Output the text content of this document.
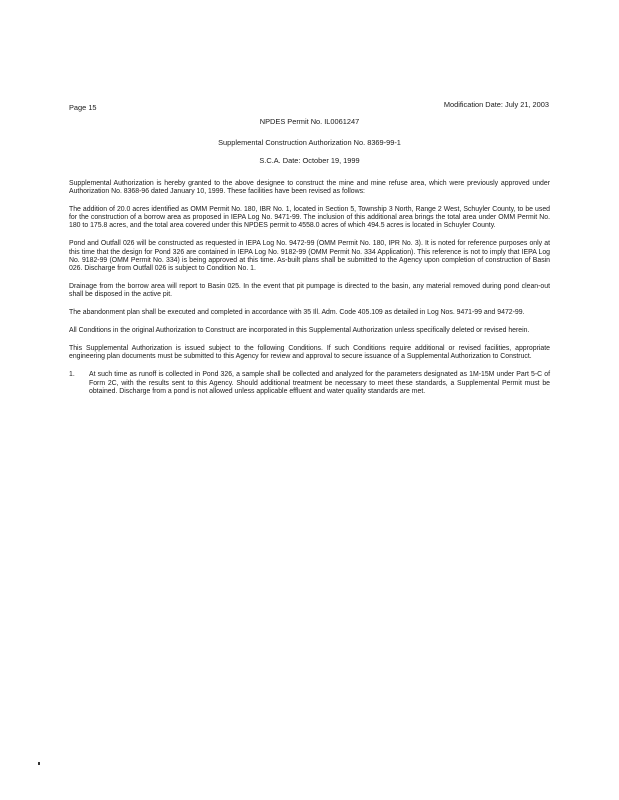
Page 15	Modification Date: July 21, 2003
NPDES Permit No. IL0061247
Supplemental Construction Authorization No. 8369-99-1
S.C.A. Date: October 19, 1999

Supplemental Authorization is hereby granted to the above designee to construct the mine and mine refuse area, which were previously approved under Authorization No. 8368-96 dated January 10, 1999. These facilities have been revised as follows:

The addition of 20.0 acres identified as OMM Permit No. 180, IBR No. 1, located in Section 5, Township 3 North, Range 2 West, Schuyler County, to be used for the construction of a borrow area as proposed in IEPA Log No. 9471-99. The inclusion of this additional area brings the total area under OMM Permit No. 180 to 175.8 acres, and the total area covered under this NPDES permit to 4558.0 acres of which 494.5 acres is located in Schuyler County.

Pond and Outfall 026 will be constructed as requested in IEPA Log No. 9472-99 (OMM Permit No. 180, IPR No. 3). It is noted for reference purposes only at this time that the design for Pond 326 are contained in IEPA Log No. 9182-99 (OMM Permit No. 334 Application). This reference is not to imply that IEPA Log No. 9182-99 (OMM Permit No. 334) is being approved at this time. As-built plans shall be submitted to the Agency upon completion of construction of Basin 026. Discharge from Outfall 026 is subject to Condition No. 1.

Drainage from the borrow area will report to Basin 025. In the event that pit pumpage is directed to the basin, any material removed during pond clean-out shall be disposed in the active pit.

The abandonment plan shall be executed and completed in accordance with 35 Ill. Adm. Code 405.109 as detailed in Log Nos. 9471-99 and 9472-99.

All Conditions in the original Authorization to Construct are incorporated in this Supplemental Authorization unless specifically deleted or revised herein.

This Supplemental Authorization is issued subject to the following Conditions. If such Conditions require additional or revised facilities, appropriate engineering plan documents must be submitted to this Agency for review and approval to secure issuance of a Supplemental Authorization to Construct.

1.	At such time as runoff is collected in Pond 326, a sample shall be collected and analyzed for the parameters designated as 1M-15M under Part 5-C of Form 2C, with the results sent to this Agency. Should additional treatment be necessary to meet these standards, a Supplemental Permit must be obtained. Discharge from a pond is not allowed unless applicable effluent and water quality standards are met.
